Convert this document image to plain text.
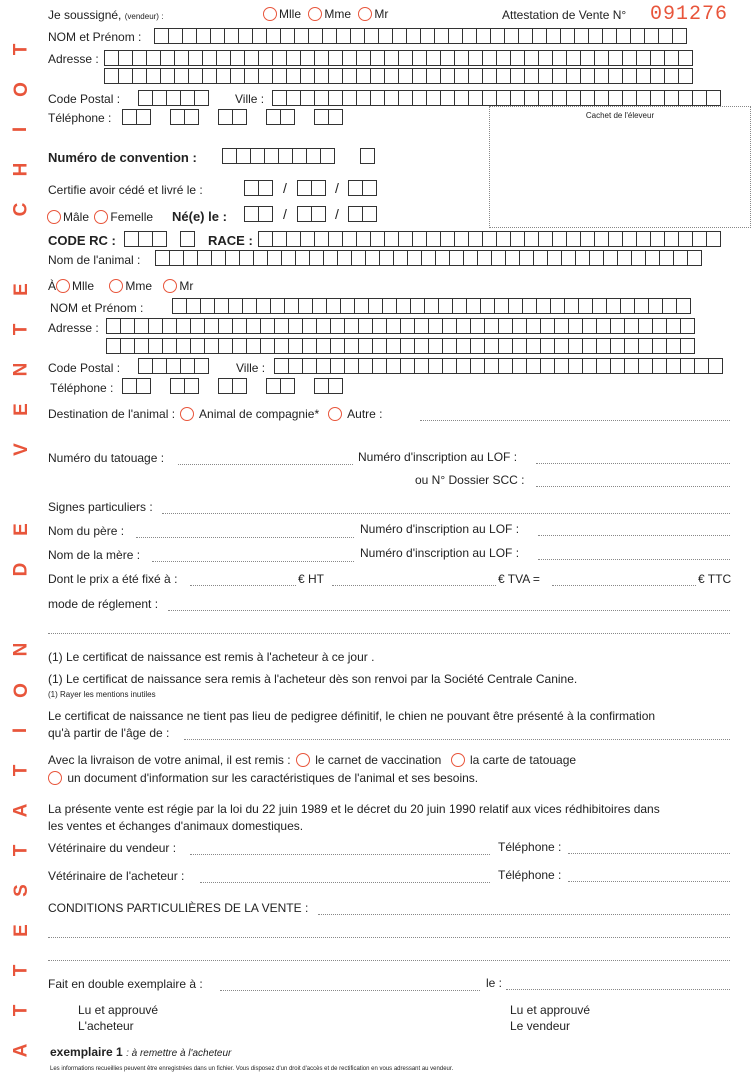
T
O
I
H
C

E
T
N
E
V

E
D

N
O
I
T
A
T
S
E
T
T
A
Je soussigné, (vendeur) :	Mlle Mme Mr	Attestation de Vente N° 091276
NOM et Prénom :
Adresse :
Code Postal :	Ville :
Téléphone :	Cachet de l'éleveur
Numéro de convention :
Certifie avoir cédé et livré le :	/	/
Mâle Femelle Né(e) le :	/	/
CODE RC :	RACE :
Nom de l'animal :
À Mlle	Mme Mr
NOM et Prénom :
Adresse :
Code Postal :	Ville :
Téléphone :
Destination de l'animal : Animal de compagnie* Autre :
Numéro du tatouage :	Numéro d'inscription au LOF :
ou N° Dossier SCC :
Signes particuliers :
Nom du père :	Numéro d'inscription au LOF :
Nom de la mère :	Numéro d'inscription au LOF :
Dont le prix a été fixé à :	€ HT	€ TVA =	€ TTC
mode de réglement :
(1) Le certificat de naissance est remis à l'acheteur à ce jour .
(1) Le certificat de naissance sera remis à l'acheteur dès son renvoi par la Société Centrale Canine.
(1) Rayer les mentions inutiles
Le certificat de naissance ne tient pas lieu de pedigree définitif, le chien ne pouvant être présenté à la confirmation
qu'à partir de l'âge de :
Avec la livraison de votre animal, il est remis : le carnet de vaccination la carte de tatouage
un document d'information sur les caractéristiques de l'animal et ses besoins.
La présente vente est régie par la loi du 22 juin 1989 et le décret du 20 juin 1990 relatif aux vices rédhibitoires dans
les ventes et échanges d'animaux domestiques.
Vétérinaire du vendeur :	Téléphone :
Vétérinaire de l'acheteur :	Téléphone :
CONDITIONS PARTICULIÈRES DE LA VENTE :
Fait en double exemplaire à :	le :
Lu et approuvé
L'acheteur
Lu et approuvé
Le vendeur
exemplaire 1 : à remettre à l'acheteur
Les informations recueillies peuvent être enregistrées dans un fichier. Vous disposez d'un droit d'accès et de rectification en vous adressant au vendeur.
